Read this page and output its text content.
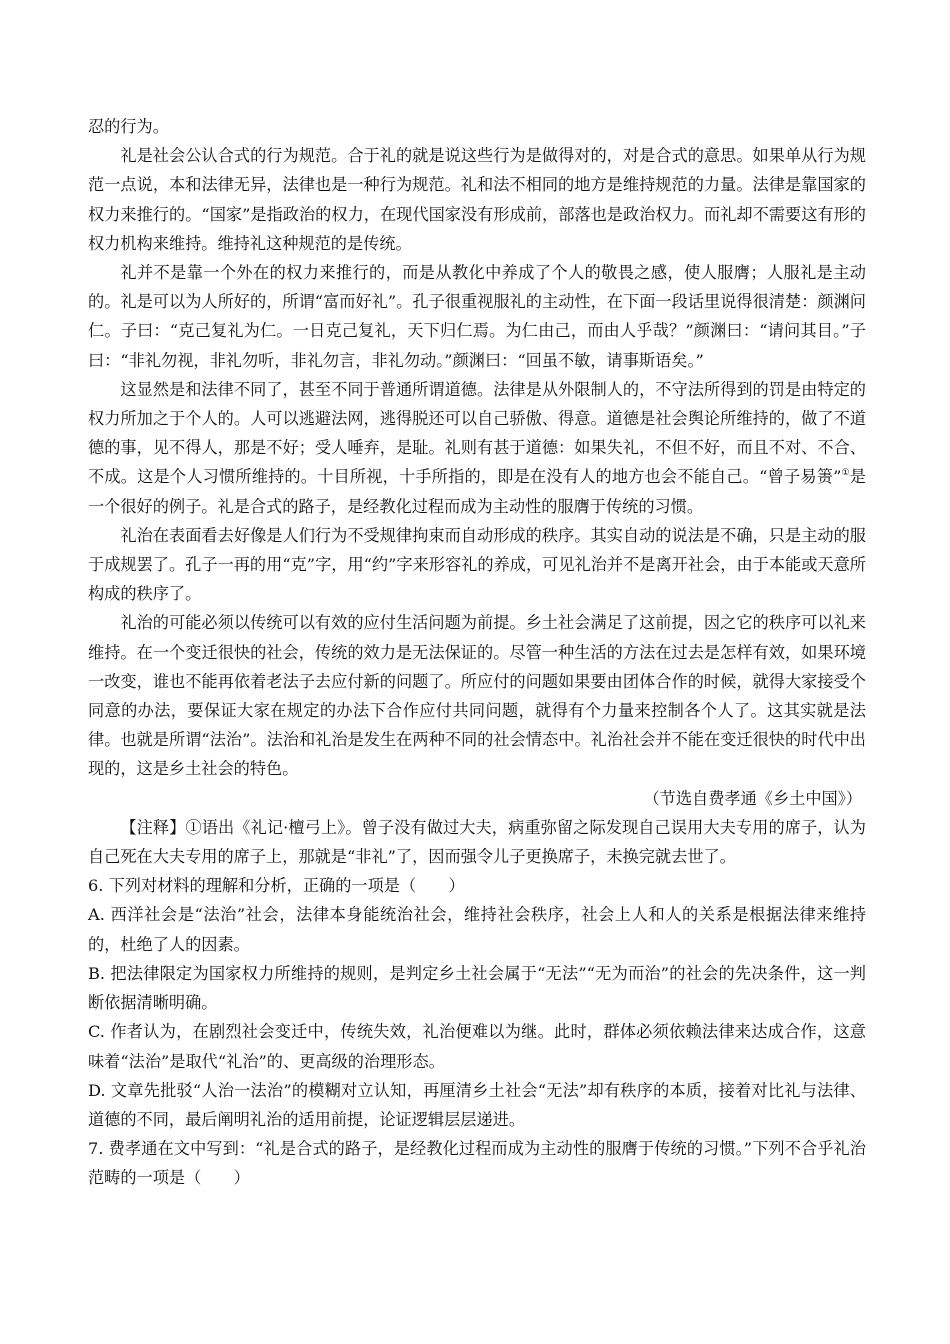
忍的行为。

礼是社会公认合式的行为规范。合于礼的就是说这些行为是做得对的，对是合式的意思。如果单从行为规范一点说，本和法律无异，法律也是一种行为规范。礼和法不相同的地方是维持规范的力量。法律是靠国家的权力来推行的。“国家”是指政治的权力，在现代国家没有形成前，部落也是政治权力。而礼却不需要这有形的权力机构来维持。维持礼这种规范的是传统。

礼并不是靠一个外在的权力来推行的，而是从教化中养成了个人的敬畏之感，使人服膺；人服礼是主动的。礼是可以为人所好的，所谓“富而好礼”。孔子很重视服礼的主动性，在下面一段话里说得很清楚：颜渊问仁。子曰：“克己复礼为仁。一日克己复礼，天下归仁焉。为仁由己，而由人乎哉？”颜渊曰：“请问其目。”子曰：“非礼勿视，非礼勿听，非礼勿言，非礼勿动。”颜渊曰：“回虽不敏，请事斯语矣。”

这显然是和法律不同了，甚至不同于普通所谓道德。法律是从外限制人的，不守法所得到的罚是由特定的权力所加之于个人的。人可以逃避法网，逃得脱还可以自己骄傲、得意。道德是社会舆论所维持的，做了不道德的事，见不得人，那是不好；受人唾弃，是耻。礼则有甚于道德：如果失礼，不但不好，而且不对、不合、不成。这是个人习惯所维持的。十目所视，十手所指的，即是在没有人的地方也会不能自己。“曾子易箦”①是一个很好的例子。礼是合式的路子，是经教化过程而成为主动性的服膺于传统的习惯。

礼治在表面看去好像是人们行为不受规律拘束而自动形成的秩序。其实自动的说法是不确，只是主动的服于成规罢了。孔子一再的用“克”字，用“约”字来形容礼的养成，可见礼治并不是离开社会，由于本能或天意所构成的秩序了。

礼治的可能必须以传统可以有效的应付生活问题为前提。乡土社会满足了这前提，因之它的秩序可以礼来维持。在一个变迁很快的社会，传统的效力是无法保证的。尽管一种生活的方法在过去是怎样有效，如果环境一改变，谁也不能再依着老法子去应付新的问题了。所应付的问题如果要由团体合作的时候，就得大家接受个同意的办法，要保证大家在规定的办法下合作应付共同问题，就得有个力量来控制各个人了。这其实就是法律。也就是所谓“法治”。法治和礼治是发生在两种不同的社会情态中。礼治社会并不能在变迁很快的时代中出现的，这是乡土社会的特色。

（节选自费孝通《乡土中国》）

【注释】①语出《礼记·檀弓上》。曾子没有做过大夫，病重弥留之际发现自己误用大夫专用的席子，认为自己死在大夫专用的席子上，那就是“非礼”了，因而强令儿子更换席子，未换完就去世了。

6. 下列对材料的理解和分析，正确的一项是（　　）

A. 西洋社会是“法治”社会，法律本身能统治社会，维持社会秩序，社会上人和人的关系是根据法律来维持的，杜绝了人的因素。

B. 把法律限定为国家权力所维持的规则，是判定乡土社会属于“无法”“无为而治”的社会的先决条件，这一判断依据清晰明确。

C. 作者认为，在剧烈社会变迁中，传统失效，礼治便难以为继。此时，群体必须依赖法律来达成合作，这意味着“法治”是取代“礼治”的、更高级的治理形态。

D. 文章先批驳“人治一法治”的模糊对立认知，再厘清乡土社会“无法”却有秩序的本质，接着对比礼与法律、道德的不同，最后阐明礼治的适用前提，论证逻辑层层递进。

7. 费孝通在文中写到：“礼是合式的路子，是经教化过程而成为主动性的服膺于传统的习惯。”下列不合乎礼治范畴的一项是（　　）
